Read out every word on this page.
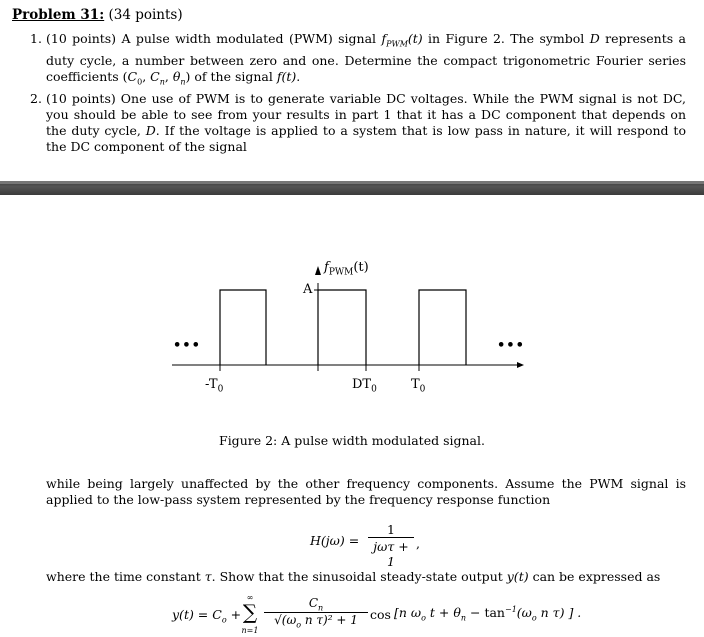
Problem 31: (34 points)
1. (10 points) A pulse width modulated (PWM) signal $f_{PWM}(t)$ in Figure 2. The symbol D represents a duty cycle, a number between zero and one. Determine the compact trigonometric Fourier series coefficients ($C_0$, $C_n$, $\theta_n$) of the signal f(t).
2. (10 points) One use of PWM is to generate variable DC voltages. While the PWM signal is not DC, you should be able to see from your results in part 1 that it has a DC component that depends on the duty cycle, D. If the voltage is applied to a system that is low pass in nature, it will respond to the DC component of the signal
$f_{PWM}(t)$
A
•••	•••
$-T_0$	$DT_0$	$T_0$
Figure 2: A pulse width modulated signal.
while being largely unaffected by the other frequency components. Assume the PWM signal is applied to the low-pass system represented by the frequency response function
H(jω) =
1
jωτ + 1
,
where the time constant τ. Show that the sinusoidal steady-state output y(t) can be expressed as
$y(t) = C_o$ +
∞
∑
n=1
$\frac{C_n}{√(\omega_o n \tau)^2 + 1}$ cos [n $\omega_o$ $t + \theta_n - \tan^{-1}(\omega_o$ n τ) ] .
